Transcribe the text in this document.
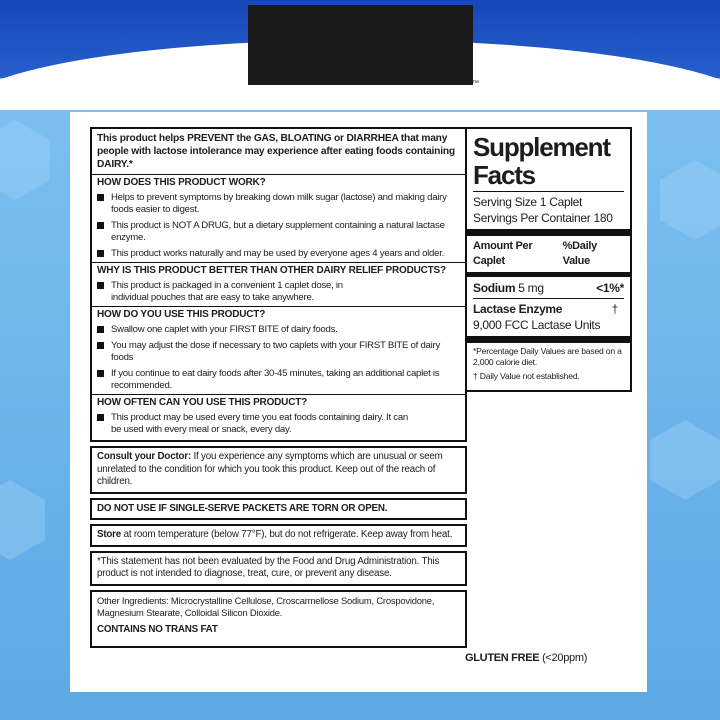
™
This product helps PREVENT the GAS, BLOATING or DIARRHEA that many people with lactose intolerance may experience after eating foods containing DAIRY.*
HOW DOES THIS PRODUCT WORK?
Helps to prevent symptoms by breaking down milk sugar (lactose) and making dairy foods easier to digest.
This product is NOT A DRUG, but a dietary supplement containing a natural lactase enzyme.
This product works naturally and may be used by everyone ages 4 years and older.
WHY IS THIS PRODUCT BETTER THAN OTHER DAIRY RELIEF PRODUCTS?
This product is packaged in a convenient 1 caplet dose, in individual pouches that are easy to take anywhere.
HOW DO YOU USE THIS PRODUCT?
Swallow one caplet with your FIRST BITE of dairy foods.
You may adjust the dose if necessary to two caplets with your FIRST BITE of dairy foods
If you continue to eat dairy foods after 30-45 minutes, taking an additional caplet is recommended.
HOW OFTEN CAN YOU USE THIS PRODUCT?
This product may be used every time you eat foods containing dairy. It can be used with every meal or snack, every day.
Consult your Doctor: If you experience any symptoms which are unusual or seem unrelated to the condition for which you took this product. Keep out of the reach of children.
DO NOT USE IF SINGLE-SERVE PACKETS ARE TORN OR OPEN.
Store at room temperature (below 77°F), but do not refrigerate. Keep away from heat.
*This statement has not been evaluated by the Food and Drug Administration. This product is not intended to diagnose, treat, cure, or prevent any disease.
Other Ingredients: Microcrystalline Cellulose, Croscarmellose Sodium, Crospovidone, Magnesium Stearate, Colloidal Silicon Dioxide.
CONTAINS NO TRANS FAT
Supplement Facts
Serving Size 1 Caplet
Servings Per Container 180
Amount Per Caplet
%Daily Value
Sodium 5 mg	<1%*
Lactase Enzyme	†
9,000 FCC Lactase Units
*Percentage Daily Values are based on a 2,000 calorie diet.
† Daily Value not established.
GLUTEN FREE (<20ppm)
